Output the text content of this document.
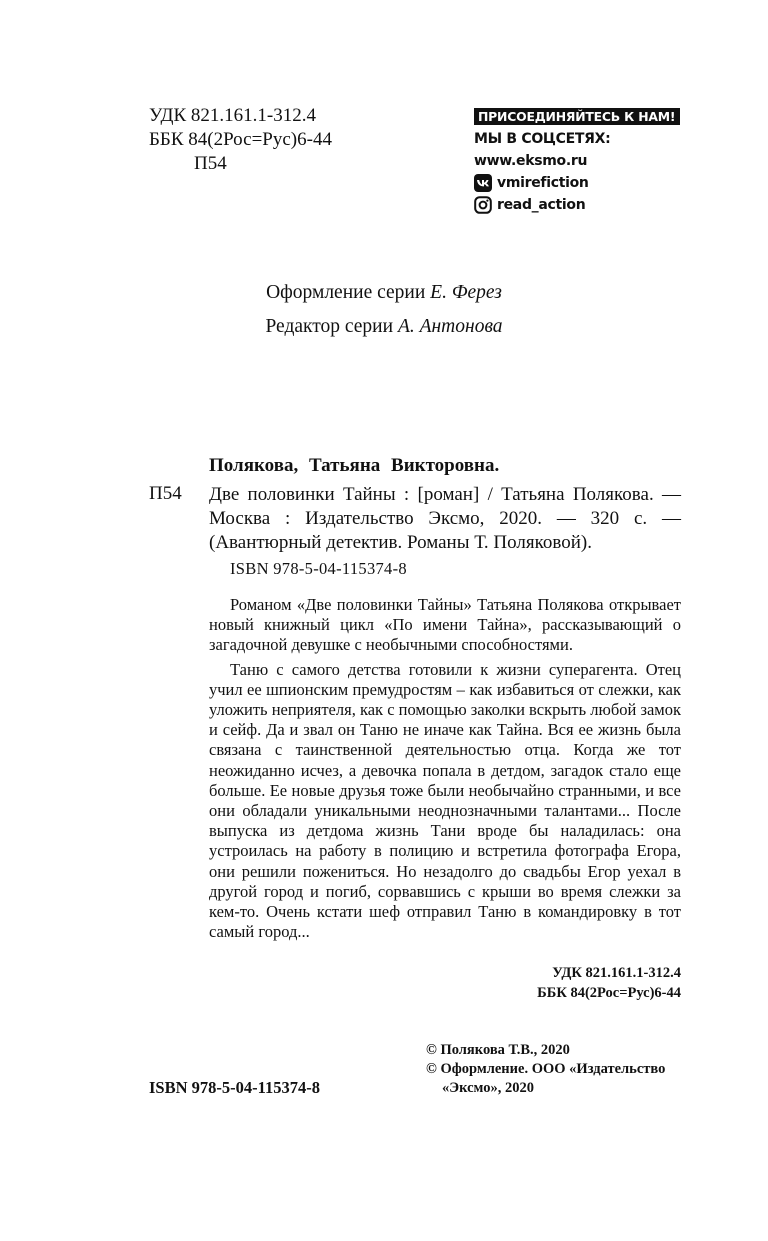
УДК 821.161.1-312.4
ББК 84(2Рос=Рус)6-44
П54
ПРИСОЕДИНЯЙТЕСЬ К НАМ!
МЫ В СОЦСЕТЯХ:
www.eksmo.ru
vmirefiction
read_action
Оформление серии Е. Ферез
Редактор серии А. Антонова
Полякова, Татьяна Викторовна.
П54 Две половинки Тайны : [роман] / Татьяна Полякова. — Москва : Издательство Эксмо, 2020. — 320 с. — (Авантюрный детектив. Романы Т. Поляковой).
ISBN 978-5-04-115374-8

Романом «Две половинки Тайны» Татьяна Полякова открывает новый книжный цикл «По имени Тайна», рассказывающий о загадочной девушке с необычными способностями.

Таню с самого детства готовили к жизни суперагента. Отец учил ее шпионским премудростям – как избавиться от слежки, как уложить неприятеля, как с помощью заколки вскрыть любой замок и сейф. Да и звал он Таню не иначе как Тайна. Вся ее жизнь была связана с таинственной деятельностью отца. Когда же тот неожиданно исчез, а девочка попала в детдом, загадок стало еще больше. Ее новые друзья тоже были необычайно странными, и все они обладали уникальными неоднозначными талантами... После выпуска из детдома жизнь Тани вроде бы наладилась: она устроилась на работу в полицию и встретила фотографа Егора, они решили пожениться. Но незадолго до свадьбы Егор уехал в другой город и погиб, сорвавшись с крыши во время слежки за кем-то. Очень кстати шеф отправил Таню в командировку в тот самый город...

УДК 821.161.1-312.4
ББК 84(2Рос=Рус)6-44
© Полякова Т.В., 2020
© Оформление. ООО «Издательство
«Эксмо», 2020
ISBN 978-5-04-115374-8
